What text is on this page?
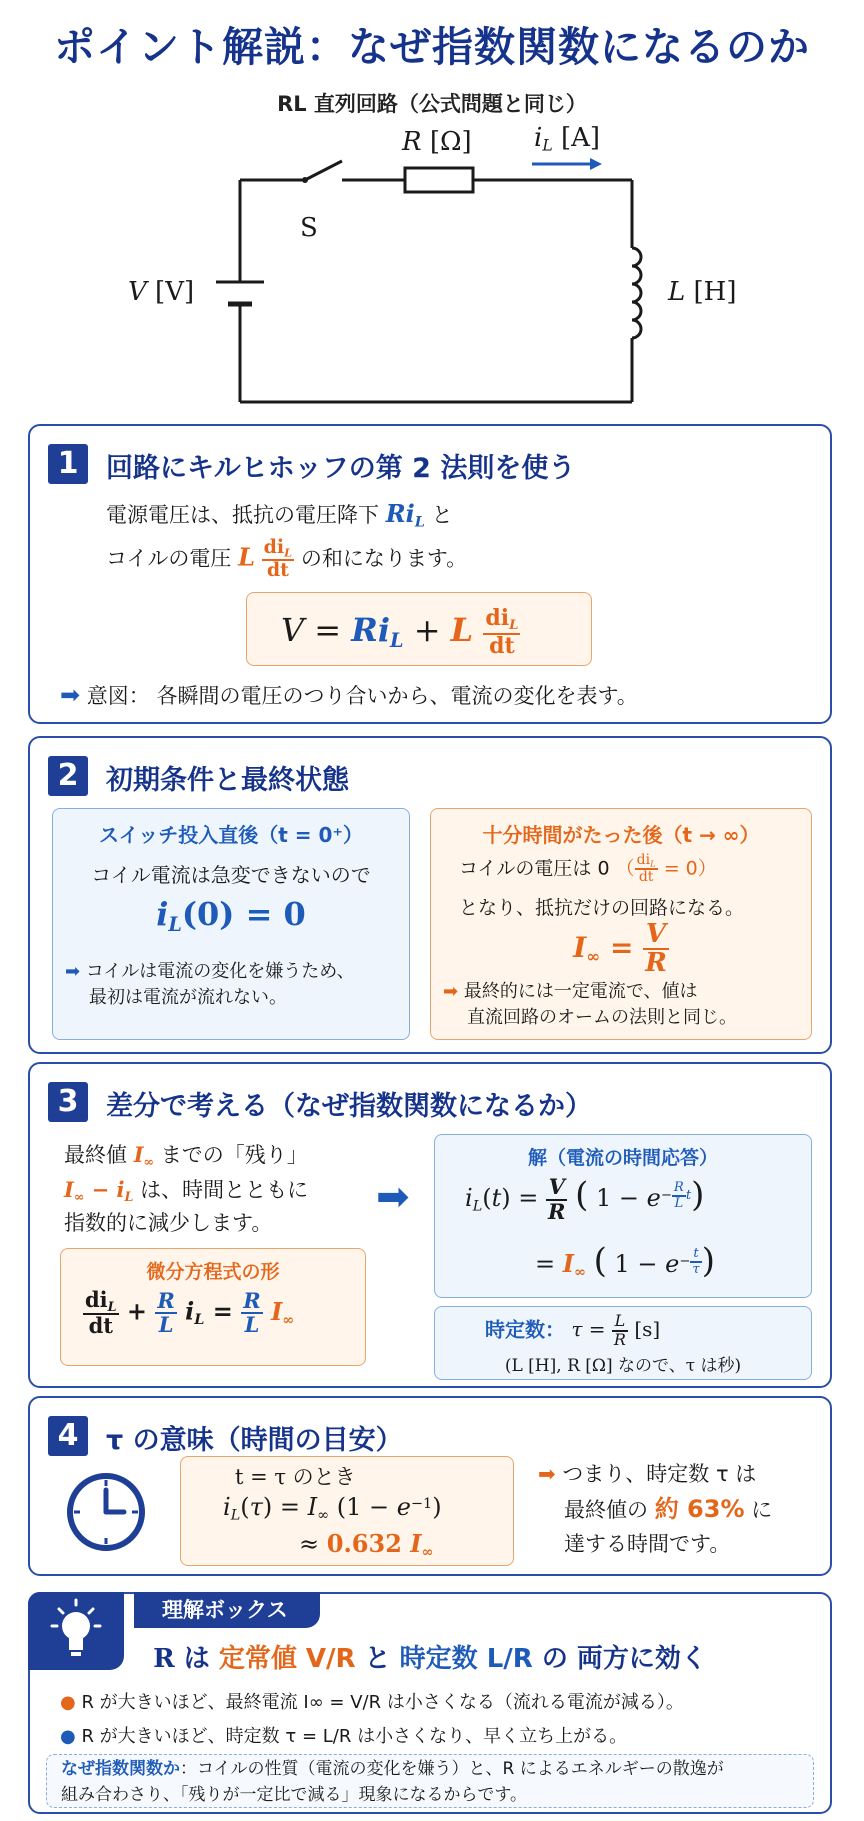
ポイント解説：なぜ指数関数になるのか
RL 直列回路（公式問題と同じ）
R [Ω] $i_L$ [A]
S
V [V]	L [H]
1	回路にキルヒホッフの第 2 法則を使う
電源電圧は、抵抗の電圧降下 $Ri_L$ と
コイルの電圧 L $\frac{di_L}{dt}$ の和になります。
$V = Ri_L + L \frac{di_L}{dt}$
➡ 意図： 各瞬間の電圧のつり合いから、電流の変化を表す。
2	初期条件と最終状態
スイッチ投入直後（t = 0⁺）
コイル電流は急変できないので
$i_L(0) = 0$
➡ コイルは電流の変化を嫌うため、
最初は電流が流れない。
十分時間がたった後（t → ∞）
コイルの電圧は 0 （ $\frac{di_L}{dt} = 0$）
となり、抵抗だけの回路になる。
$I_\infty = \frac{V}{R}$
➡ 最終的には一定電流で、値は
直流回路のオームの法則と同じ。
3	差分で考える（なぜ指数関数になるか）
最終値 $I_\infty$ までの「残り」
$I_\infty - i_L$ は、時間とともに
指数的に減少します。
➡
微分方程式の形
$\frac{di_L}{dt} + \frac{R}{L} i_L = \frac{R}{L} I_\infty$
解（電流の時間応答）
$i_L(t) = \frac{V}{R}$ ( $1 - e^{- \frac{R}{L} t}$)
= $I_\infty$ ( $1 - e^{- \frac{t}{\tau}}$ )
時定数： $\tau = \frac{L}{R} [s]$
(L [H], R [Ω] なので、τ は秒)
4	τ の意味（時間の目安）
t = τ のとき
$i_L(\tau) = I_\infty$ $(1 - e^{-1})$
≈ 0.632 $I_\infty$
➡ つまり、時定数 τ は
最終値の 約 63% に
達する時間です。
理解ボックス
R は 定常値 V/R と 時定数 L/R の 両方に効く
● R が大きいほど、最終電流 I∞ = V/R は小さくなる（流れる電流が減る）。
● R が大きいほど、時定数 τ = L/R は小さくなり、早く立ち上がる。
なぜ指数関数か：コイルの性質（電流の変化を嫌う）と、R によるエネルギーの散逸が
組み合わさり、「残りが一定比で減る」現象になるからです。
